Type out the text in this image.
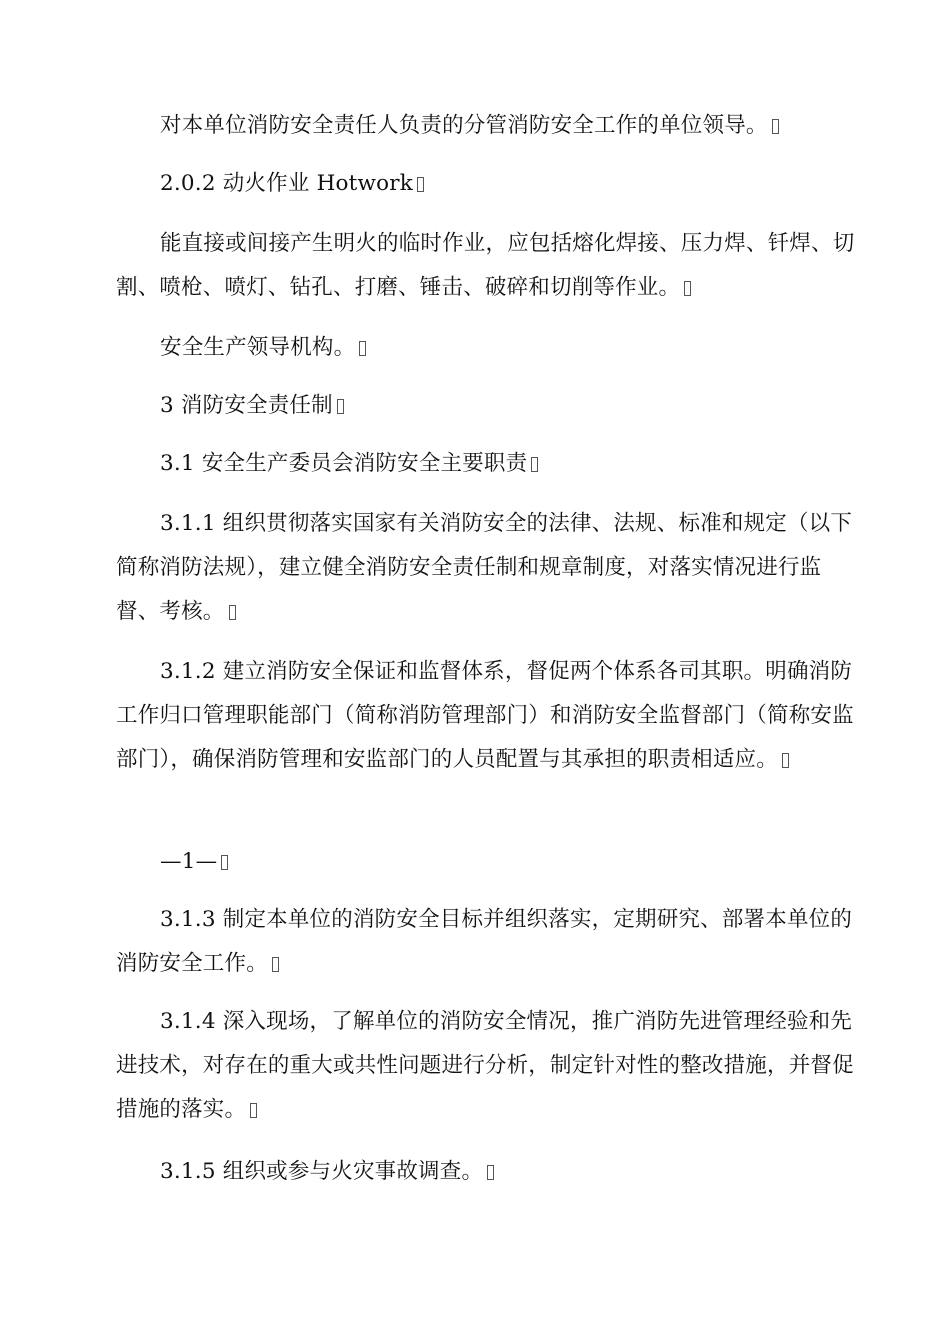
对本单位消防安全责任人负责的分管消防安全工作的单位领导。

2.0.2 动火作业 Hotwork

能直接或间接产生明火的临时作业，应包括熔化焊接、压力焊、钎焊、切割、喷枪、喷灯、钻孔、打磨、锤击、破碎和切削等作业。

安全生产领导机构。

3 消防安全责任制

3.1 安全生产委员会消防安全主要职责

3.1.1 组织贯彻落实国家有关消防安全的法律、法规、标准和规定（以下简称消防法规），建立健全消防安全责任制和规章制度，对落实情况进行监督、考核。

3.1.2 建立消防安全保证和监督体系，督促两个体系各司其职。明确消防工作归口管理职能部门（简称消防管理部门）和消防安全监督部门（简称安监部门），确保消防管理和安监部门的人员配置与其承担的职责相适应。

—1—

3.1.3 制定本单位的消防安全目标并组织落实，定期研究、部署本单位的消防安全工作。

3.1.4 深入现场，了解单位的消防安全情况，推广消防先进管理经验和先进技术，对存在的重大或共性问题进行分析，制定针对性的整改措施，并督促措施的落实。

3.1.5 组织或参与火灾事故调查。
